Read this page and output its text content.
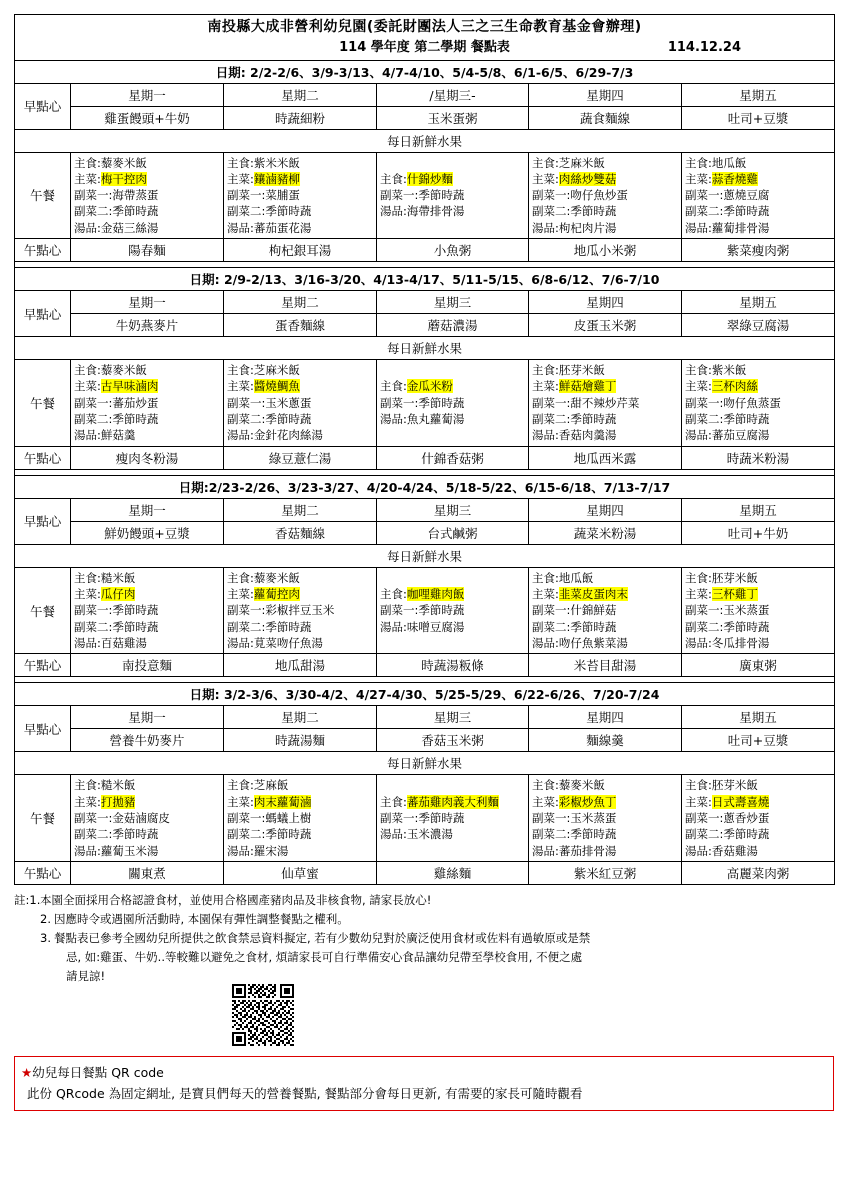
南投縣大成非營利幼兒園(委託財團法人三之三生命教育基金會辦理)
114 學年度 第二學期 餐點表 114.12.24					

日期: 2/2-2/6、3/9-3/13、4/7-4/10、5/4-5/8、6/1-6/5、6/29-7/3					
早點心	星期一	星期二	/星期三-	星期四	星期五
	雞蛋饅頭+牛奶	時蔬細粉	玉米蛋粥	蔬食麵線	吐司+豆漿
每日新鮮水果					
午餐	
主食:藜麥米飯
主菜:梅干控肉
副菜一:海帶蒸蛋
副菜二:季節時蔬
湯品:金菇三絲湯

主食:紫米米飯
主菜:鑲滷豬柳
副菜一:菜脯蛋
副菜二:季節時蔬
湯品:蕃茄蛋花湯

主食:什錦炒麵
副菜一:季節時蔬
湯品:海帶排骨湯

主食:芝麻米飯
主菜:肉絲炒雙菇
副菜一:吻仔魚炒蛋
副菜二:季節時蔬
湯品:枸杞肉片湯

主食:地瓜飯
主菜:蒜香燒雞
副菜一:蔥燒豆腐
副菜二:季節時蔬
湯品:蘿蔔排骨湯

午點心	陽春麵	枸杞銀耳湯	小魚粥	地瓜小米粥	紫菜瘦肉粥

日期: 2/9-2/13、3/16-3/20、4/13-4/17、5/11-5/15、6/8-6/12、7/6-7/10					
早點心	星期一	星期二	星期三	星期四	星期五
	牛奶燕麥片	蛋香麵線	蘑菇濃湯	皮蛋玉米粥	翠綠豆腐湯
每日新鮮水果					
午餐	
主食:藜麥米飯
主菜:古早味滷肉
副菜一:蕃茄炒蛋
副菜二:季節時蔬
湯品:鮮菇羹

主食:芝麻米飯
主菜:醬燒鯛魚
副菜一:玉米蔥蛋
副菜二:季節時蔬
湯品:金針花肉絲湯

主食:金瓜米粉
副菜一:季節時蔬
湯品:魚丸蘿蔔湯

主食:胚芽米飯
主菜:鮮菇燴雞丁
副菜一:甜不辣炒芹菜
副菜二:季節時蔬
湯品:香菇肉羹湯

主食:紫米飯
主菜:三杯肉絲
副菜一:吻仔魚蒸蛋
副菜二:季節時蔬
湯品:蕃茄豆腐湯

午點心	瘦肉冬粉湯	綠豆薏仁湯	什錦香菇粥	地瓜西米露	時蔬米粉湯

日期:2/23-2/26、3/23-3/27、4/20-4/24、5/18-5/22、6/15-6/18、7/13-7/17					
早點心	星期一	星期二	星期三	星期四	星期五
	鮮奶饅頭+豆漿	香菇麵線	台式鹹粥	蔬菜米粉湯	吐司+牛奶
每日新鮮水果					
午餐	
主食:糙米飯
主菜:瓜仔肉
副菜一:季節時蔬
副菜二:季節時蔬
湯品:百菇雞湯

主食:藜麥米飯
主菜:蘿蔔控肉
副菜一:彩椒拌豆玉米
副菜二:季節時蔬
湯品:莧菜吻仔魚湯

主食:咖哩雞肉飯
副菜一:季節時蔬
湯品:味噌豆腐湯

主食:地瓜飯
主菜:韭菜皮蛋肉末
副菜一:什錦鮮菇
副菜二:季節時蔬
湯品:吻仔魚紫菜湯

主食:胚芽米飯
主菜:三杯雞丁
副菜一:玉米蒸蛋
副菜二:季節時蔬
湯品:冬瓜排骨湯

午點心	南投意麵	地瓜甜湯	時蔬湯粄條	米苔目甜湯	廣東粥

日期: 3/2-3/6、3/30-4/2、4/27-4/30、5/25-5/29、6/22-6/26、7/20-7/24					
早點心	星期一	星期二	星期三	星期四	星期五
	營養牛奶麥片	時蔬湯麵	香菇玉米粥	麵線羹	吐司+豆漿
每日新鮮水果					
午餐	
主食:糙米飯
主菜:打拋豬
副菜一:金菇滷腐皮
副菜二:季節時蔬
湯品:蘿蔔玉米湯

主食:芝麻飯
主菜:肉末蘿蔔滷
副菜一:螞蟻上樹
副菜二:季節時蔬
湯品:羅宋湯

主食:蕃茄雞肉義大利麵
副菜一:季節時蔬
湯品:玉米濃湯

主食:藜麥米飯
主菜:彩椒炒魚丁
副菜一:玉米蒸蛋
副菜二:季節時蔬
湯品:蕃茄排骨湯

主食:胚芽米飯
主菜:日式壽喜燒
副菜一:蔥香炒蛋
副菜二:季節時蔬
湯品:香菇雞湯

午點心	關東煮	仙草蜜	雞絲麵	紫米紅豆粥	高麗菜肉粥
註:1. 本園全面採用合格認證食材，並使用合格國產豬肉品及非核食物, 請家長放心!
2. 因應時令或遇園所活動時, 本園保有彈性調整餐點之權利。
3. 餐點表已參考全國幼兒所提供之飲食禁忌資料擬定, 若有少數幼兒對於廣泛使用食材或佐料有過敏原或是禁
忌, 如:雞蛋、牛奶..等較難以避免之食材, 煩請家長可自行準備安心食品讓幼兒帶至學校食用, 不便之處
請見諒!
★幼兒每日餐點 QR code
此份 QRcode 為固定網址, 是寶貝們每天的營養餐點, 餐點部分會每日更新, 有需要的家長可隨時觀看
